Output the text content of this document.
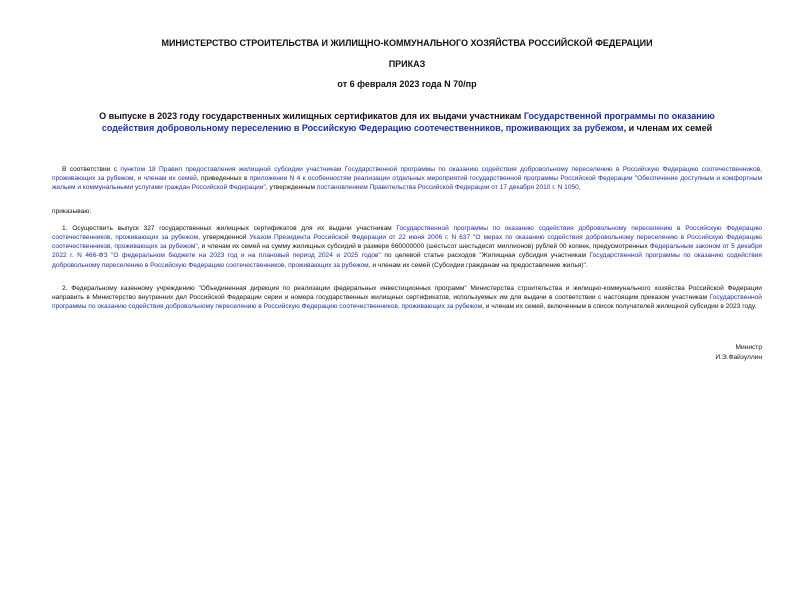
МИНИСТЕРСТВО СТРОИТЕЛЬСТВА И ЖИЛИЩНО-КОММУНАЛЬНОГО ХОЗЯЙСТВА РОССИЙСКОЙ ФЕДЕРАЦИИ
ПРИКАЗ
от 6 февраля 2023 года N 70/пр
О выпуске в 2023 году государственных жилищных сертификатов для их выдачи участникам Государственной программы по оказанию содействия добровольному переселению в Российскую Федерацию соотечественников, проживающих за рубежом, и членам их семей
В соответствии с пунктом 18 Правил предоставления жилищной субсидии участникам Государственной программы по оказанию содействия добровольному переселению в Российскую Федерацию соотечественников, проживающих за рубежом, и членам их семей, приведенных в приложении N 4 к особенностям реализации отдельных мероприятий государственной программы Российской Федерации "Обеспечение доступным и комфортным жильем и коммунальными услугами граждан Российской Федерации", утвержденным постановлением Правительства Российской Федерации от 17 декабря 2010 г. N 1050,
приказываю:
1. Осуществить выпуск 327 государственных жилищных сертификатов для их выдачи участникам Государственной программы по оказанию содействия добровольному переселению в Российскую Федерацию соотечественников, проживающих за рубежом, утвержденной Указом Президента Российской Федерации от 22 июня 2006 г. N 637 "О мерах по оказанию содействия добровольному переселению в Российскую Федерацию соотечественников, проживающих за рубежом", и членам их семей на сумму жилищных субсидий в размере 660000000 (шестьсот шестьдесят миллионов) рублей 00 копеек, предусмотренных Федеральным законом от 5 декабря 2022 г. N 466-ФЗ "О федеральном бюджете на 2023 год и на плановый период 2024 и 2025 годов" по целевой статье расходов "Жилищная субсидия участникам Государственной программы по оказанию содействия добровольному переселению в Российскую Федерацию соотечественников, проживающих за рубежом, и членам их семей (Субсидии гражданам на предоставление жилья)".
2. Федеральному казенному учреждению "Объединенная дирекция по реализации федеральных инвестиционных программ" Министерства строительства и жилищно-коммунального хозяйства Российской Федерации направить в Министерство внутренних дел Российской Федерации серии и номера государственных жилищных сертификатов, используемых им для выдачи в соответствии с настоящим приказом участникам Государственной программы по оказанию содействия добровольному переселению в Российскую Федерацию соотечественников, проживающих за рубежом, и членам их семей, включенным в список получателей жилищной субсидии в 2023 году.
Министр
И.Э.Файзуллин
